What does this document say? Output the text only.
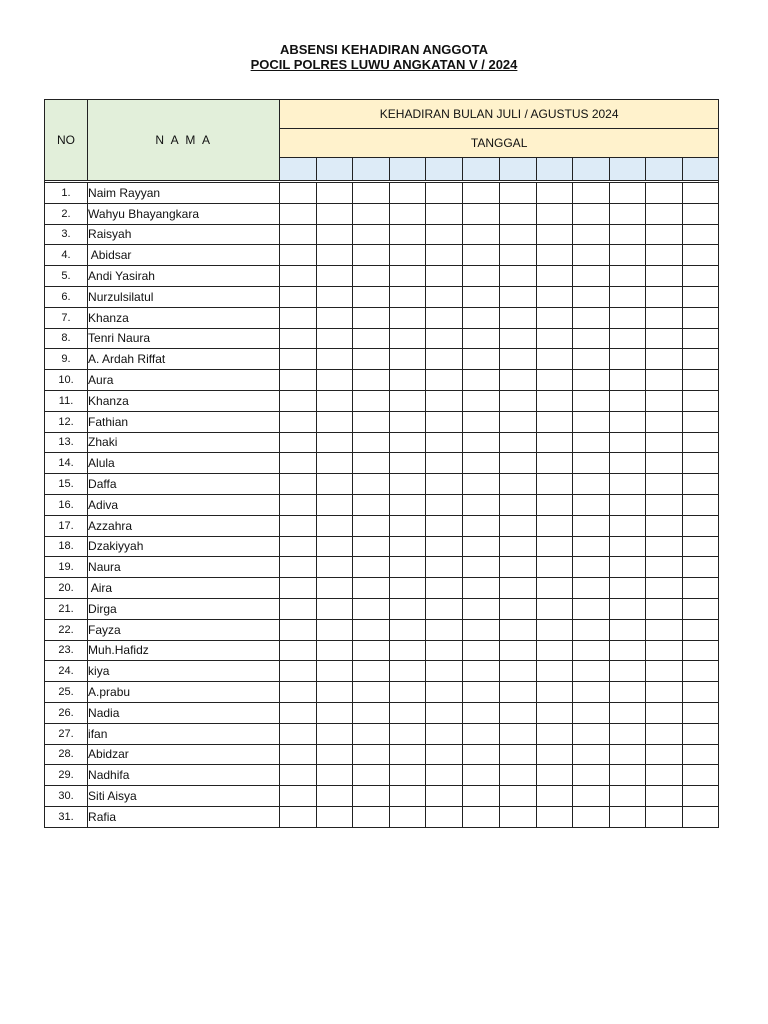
ABSENSI KEHADIRAN ANGGOTA
POCIL POLRES LUWU ANGKATAN V / 2024
NO	N A M A	KEHADIRAN BULAN JULI / AGUSTUS 2024											
		TANGGAL											

1.	Naim Rayyan												
2.	Wahyu Bhayangkara												
3.	Raisyah												
4.	Abidsar												
5.	Andi Yasirah												
6.	Nurzulsilatul												
7.	Khanza												
8.	Tenri Naura												
9.	A. Ardah Riffat												
10.	Aura												
11.	Khanza												
12.	Fathian												
13.	Zhaki												
14.	Alula												
15.	Daffa												
16.	Adiva												
17.	Azzahra												
18.	Dzakiyyah												
19.	Naura												
20.	Aira												
21.	Dirga												
22.	Fayza												
23.	Muh.Hafidz												
24.	kiya												
25.	A.prabu												
26.	Nadia												
27.	ifan												
28.	Abidzar												
29.	Nadhifa												
30.	Siti Aisya												
31.	Rafia												
